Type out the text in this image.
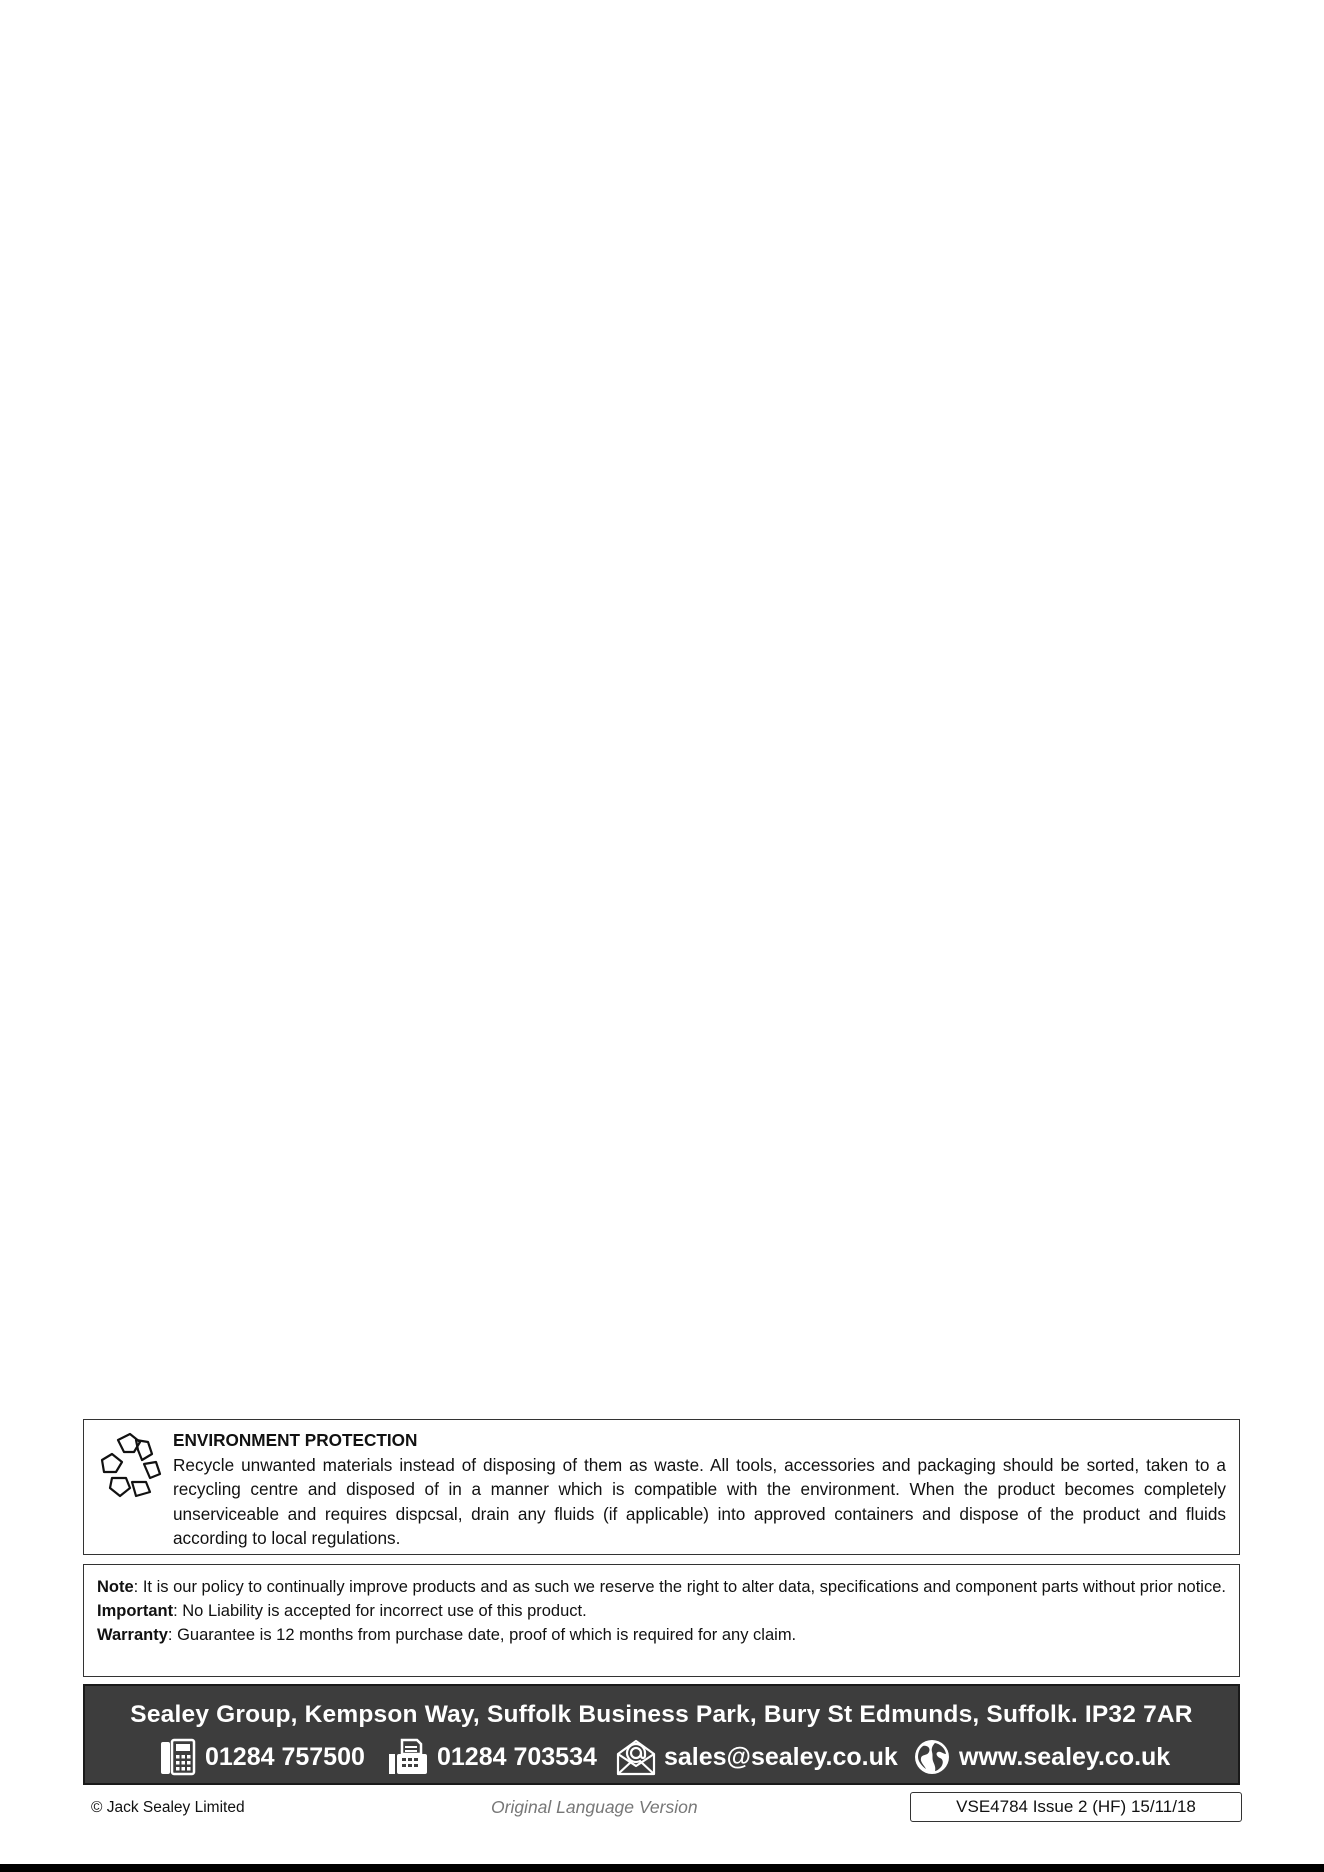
ENVIRONMENT PROTECTION
Recycle unwanted materials instead of disposing of them as waste. All tools, accessories and packaging should be sorted, taken to a recycling centre and disposed of in a manner which is compatible with the environment. When the product becomes completely unserviceable and requires dispcsal, drain any fluids (if applicable) into approved containers and dispose of the product and fluids according to local regulations.

Note: It is our policy to continually improve products and as such we reserve the right to alter data, specifications and component parts without prior notice.

Important: No Liability is accepted for incorrect use of this product.

Warranty: Guarantee is 12 months from purchase date, proof of which is required for any claim.

Sealey Group, Kempson Way, Suffolk Business Park, Bury St Edmunds, Suffolk. IP32 7AR
01284 757500	01284 703534	sales@sealey.co.uk www.sealey.co.uk
© Jack Sealey Limited	Original Language Version	VSE4784 Issue 2 (HF) 15/11/18
